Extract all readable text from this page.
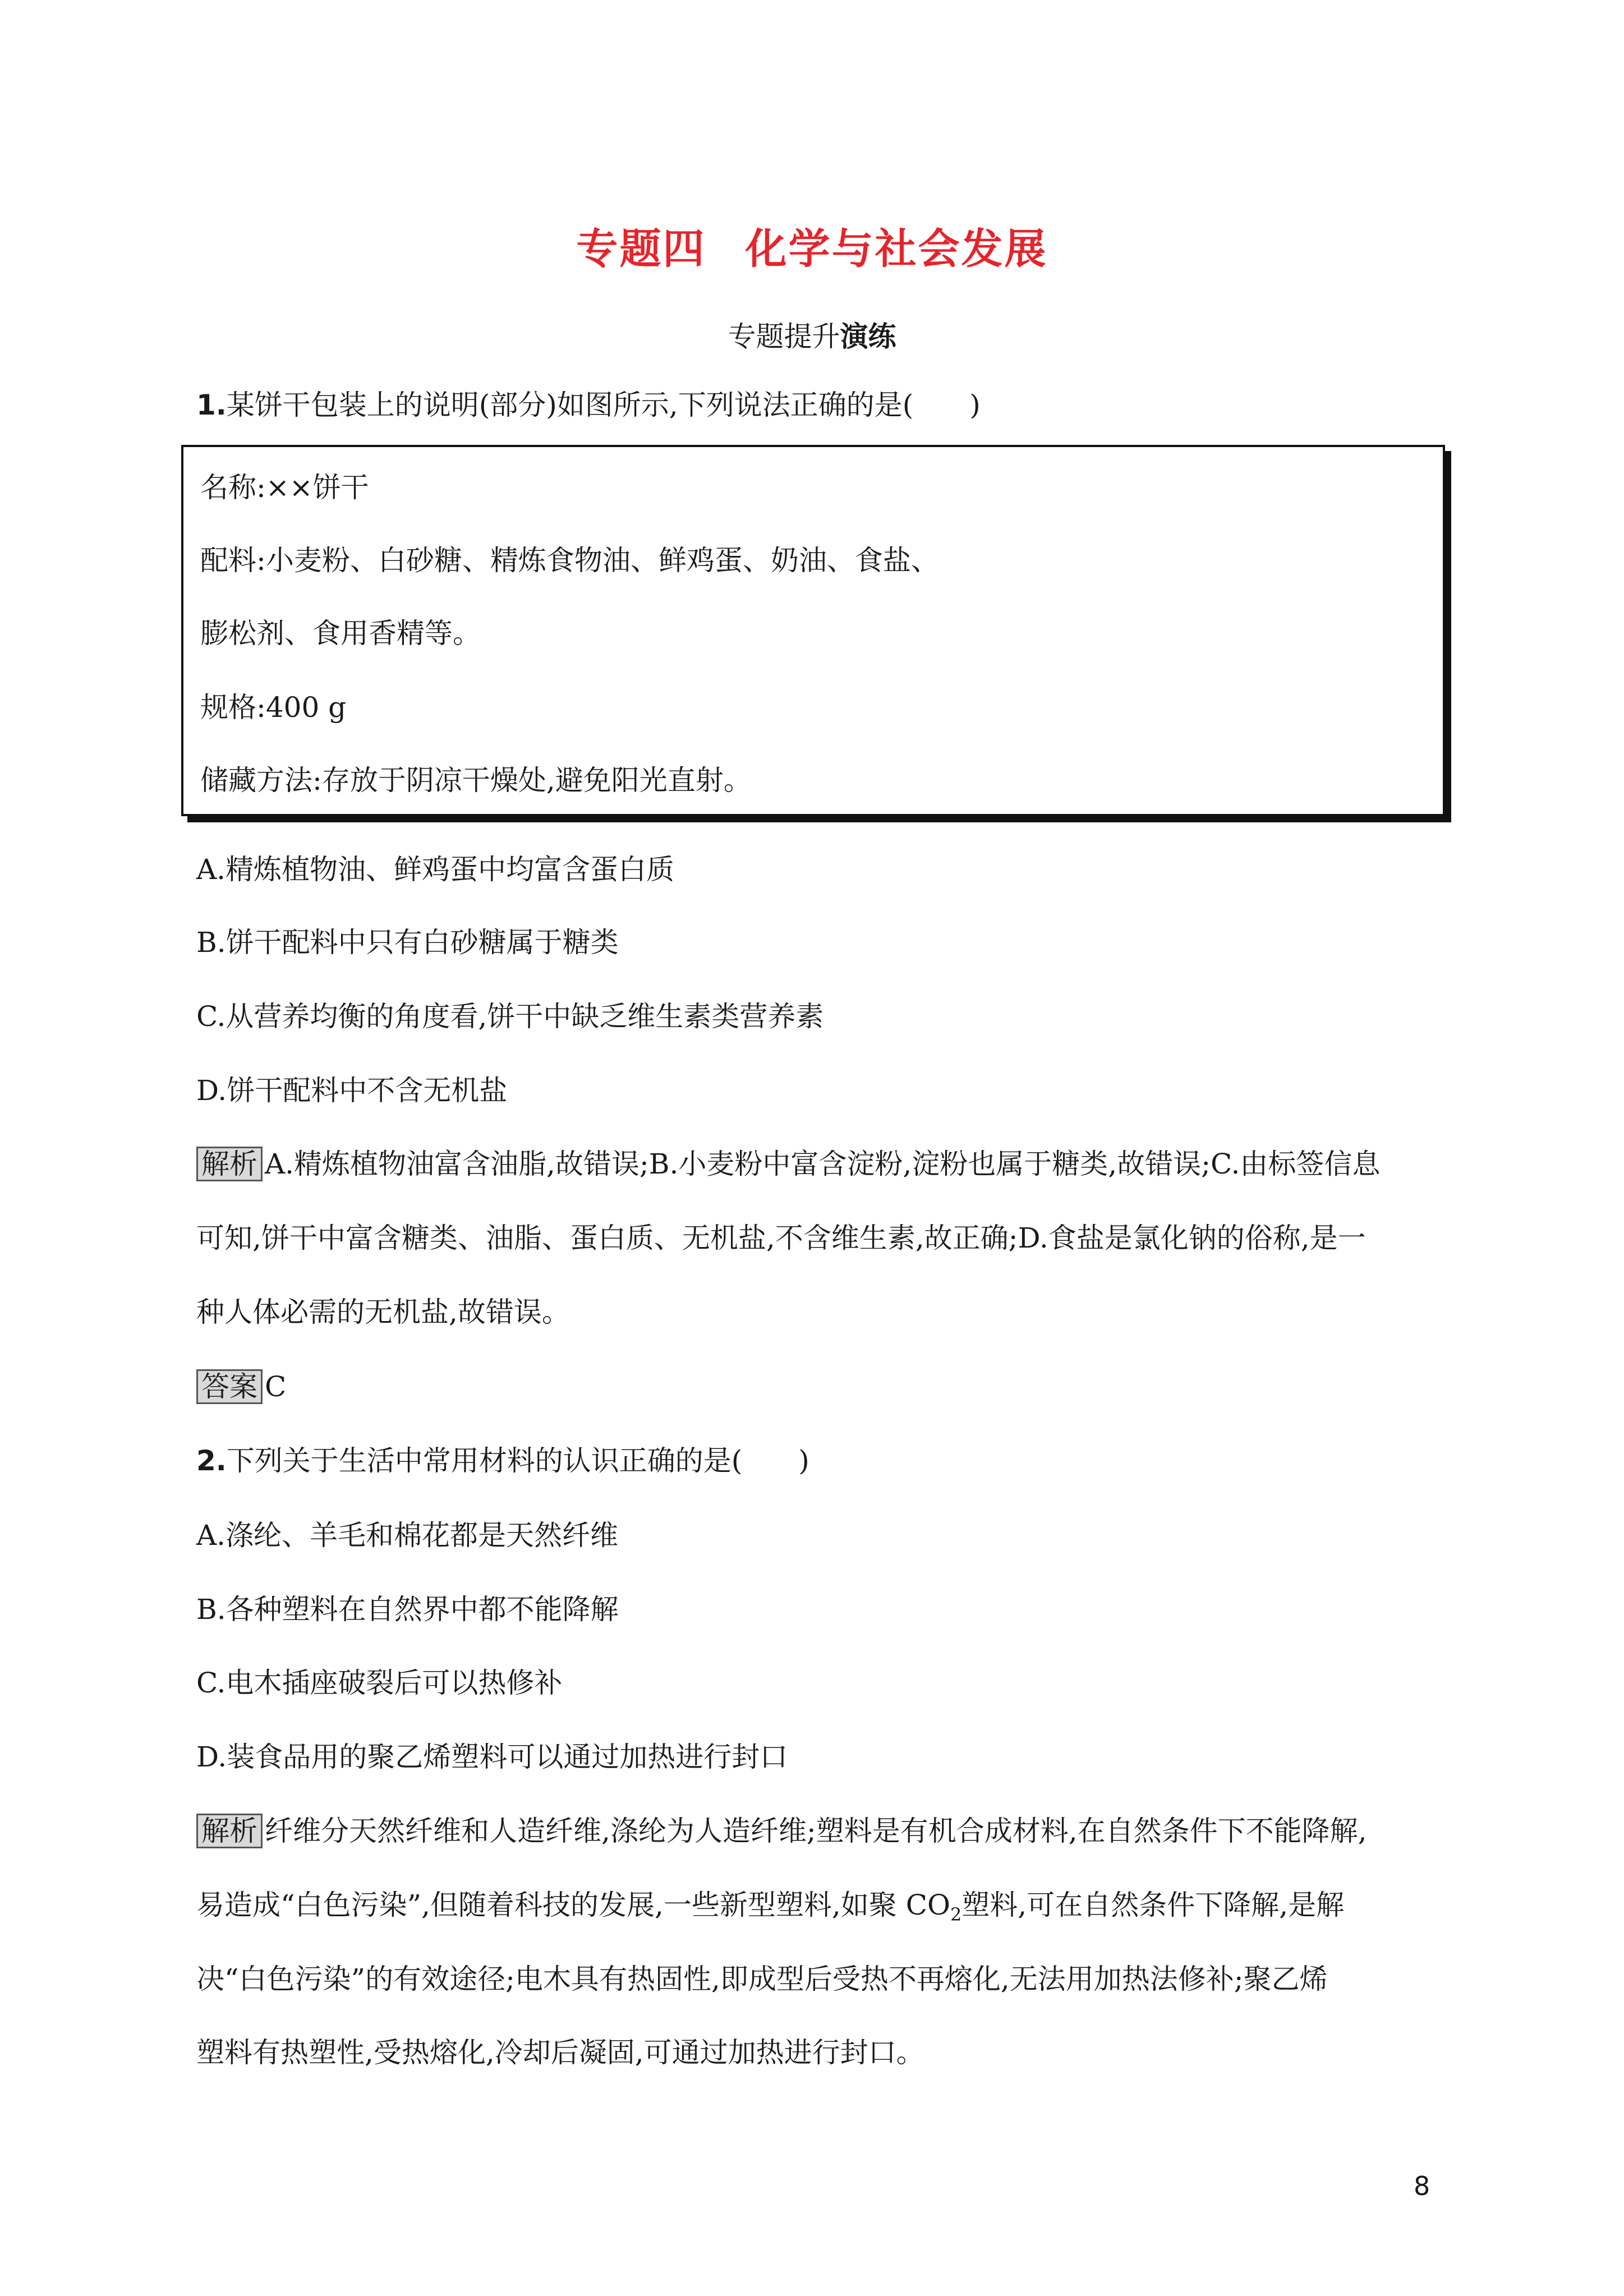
专题四 化学与社会发展
专题提升演练
1.某饼干包装上的说明(部分)如图所示,下列说法正确的是(　　)
名称:××饼干
配料:小麦粉、白砂糖、精炼食物油、鲜鸡蛋、奶油、食盐、
膨松剂、食用香精等。
规格:400 g
储藏方法:存放于阴凉干燥处,避免阳光直射。
A.精炼植物油、鲜鸡蛋中均富含蛋白质
B.饼干配料中只有白砂糖属于糖类
C.从营养均衡的角度看,饼干中缺乏维生素类营养素
D.饼干配料中不含无机盐
解析 A.精炼植物油富含油脂,故错误;B.小麦粉中富含淀粉,淀粉也属于糖类,故错误;C.由标签信息
可知,饼干中富含糖类、油脂、蛋白质、无机盐,不含维生素,故正确;D.食盐是氯化钠的俗称,是一
种人体必需的无机盐,故错误。
答案 C
2.下列关于生活中常用材料的认识正确的是(　　)
A.涤纶、羊毛和棉花都是天然纤维
B.各种塑料在自然界中都不能降解
C.电木插座破裂后可以热修补
D.装食品用的聚乙烯塑料可以通过加热进行封口
解析 纤维分天然纤维和人造纤维,涤纶为人造纤维;塑料是有机合成材料,在自然条件下不能降解,
易造成“白色污染”,但随着科技的发展,一些新型塑料,如聚 $CO_2$塑料,可在自然条件下降解,是解
决“白色污染”的有效途径;电木具有热固性,即成型后受热不再熔化,无法用加热法修补;聚乙烯
塑料有热塑性,受热熔化,冷却后凝固,可通过加热进行封口。
8
